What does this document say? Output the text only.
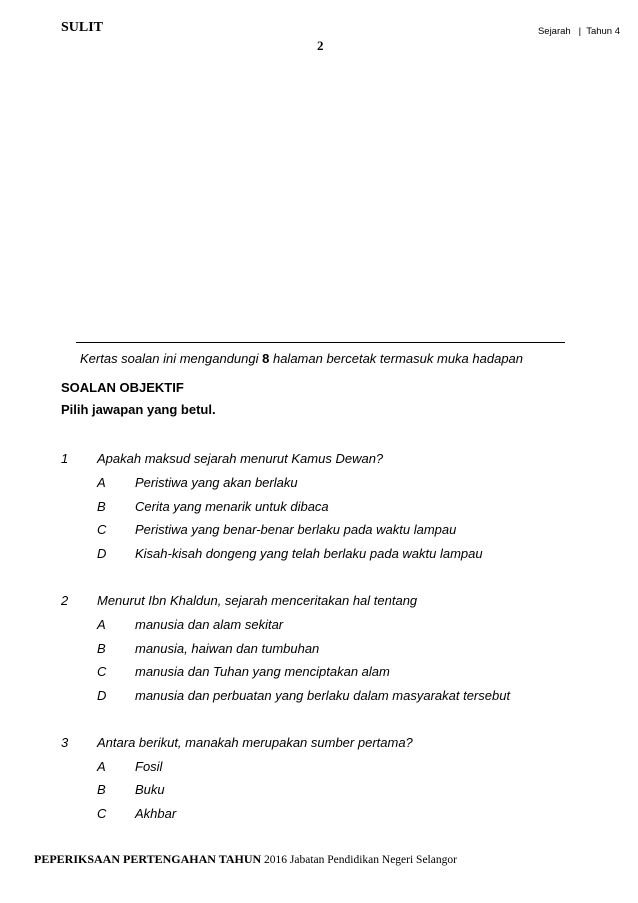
SULIT	Sejarah   |  Tahun 4
2
Kertas soalan ini mengandungi 8 halaman bercetak termasuk muka hadapan
SOALAN OBJEKTIF
Pilih jawapan yang betul.
1 Apakah maksud sejarah menurut Kamus Dewan?
A Peristiwa yang akan berlaku
B Cerita yang menarik untuk dibaca
C Peristiwa yang benar-benar berlaku pada waktu lampau
D Kisah-kisah dongeng yang telah berlaku pada waktu lampau
2 Menurut Ibn Khaldun, sejarah menceritakan hal tentang
A manusia dan alam sekitar
B manusia, haiwan dan tumbuhan
C manusia dan Tuhan yang menciptakan alam
D manusia dan perbuatan yang berlaku dalam masyarakat tersebut
3 Antara berikut, manakah merupakan sumber pertama?
A Fosil
B Buku
C Akhbar
PEPERIKSAAN PERTENGAHAN TAHUN 2016 Jabatan Pendidikan Negeri Selangor
